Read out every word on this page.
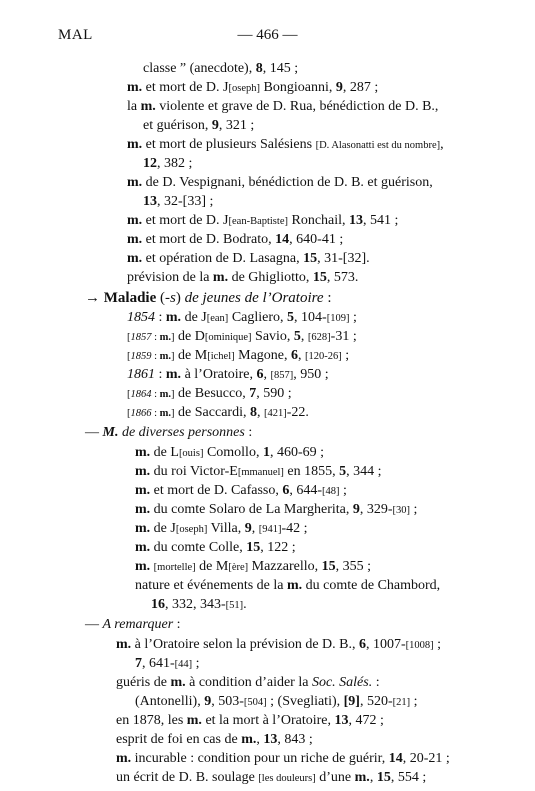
MAL	— 466 —
classe ” (anecdote), 8, 145 ;
m. et mort de D. J[oseph] Bongioanni, 9, 287 ;
la m. violente et grave de D. Rua, bénédiction de D. B.,
et guérison, 9, 321 ;
m. et mort de plusieurs Salésiens [D. Alasonatti est du nombre],
12, 382 ;
m. de D. Vespignani, bénédiction de D. B. et guérison,
13, 32-[33] ;
m. et mort de D. J[ean-Baptiste] Ronchail, 13, 541 ;
m. et mort de D. Bodrato, 14, 640-41 ;
m. et opération de D. Lasagna, 15, 31-[32].
prévision de la m. de Ghigliotto, 15, 573.
→ Maladie (-s) de jeunes de l’Oratoire :
1854 : m. de J[ean] Cagliero, 5, 104-[109] ;
[1857 : m.] de D[ominique] Savio, 5, [628]-31 ;
[1859 : m.] de M[ichel] Magone, 6, [120-26] ;
1861 : m. à l’Oratoire, 6, [857], 950 ;
[1864 : m.] de Besucco, 7, 590 ;
[1866 : m.] de Saccardi, 8, [421]-22.
— M. de diverses personnes :
m. de L[ouis] Comollo, 1, 460-69 ;
m. du roi Victor-E[mmanuel] en 1855, 5, 344 ;
m. et mort de D. Cafasso, 6, 644-[48] ;
m. du comte Solaro de La Margherita, 9, 329-[30] ;
m. de J[oseph] Villa, 9, [941]-42 ;
m. du comte Colle, 15, 122 ;
m. [mortelle] de M[ère] Mazzarello, 15, 355 ;
nature et événements de la m. du comte de Chambord,
16, 332, 343-[51].
— A remarquer :
m. à l’Oratoire selon la prévision de D. B., 6, 1007-[1008] ;
7, 641-[44] ;
guéris de m. à condition d’aider la Soc. Salés. :
(Antonelli), 9, 503-[504] ; (Svegliati), [9], 520-[21] ;
en 1878, les m. et la mort à l’Oratoire, 13, 472 ;
esprit de foi en cas de m., 13, 843 ;
m. incurable : condition pour un riche de guérir, 14, 20-21 ;
un écrit de D. B. soulage [les douleurs] d’une m., 15, 554 ;
